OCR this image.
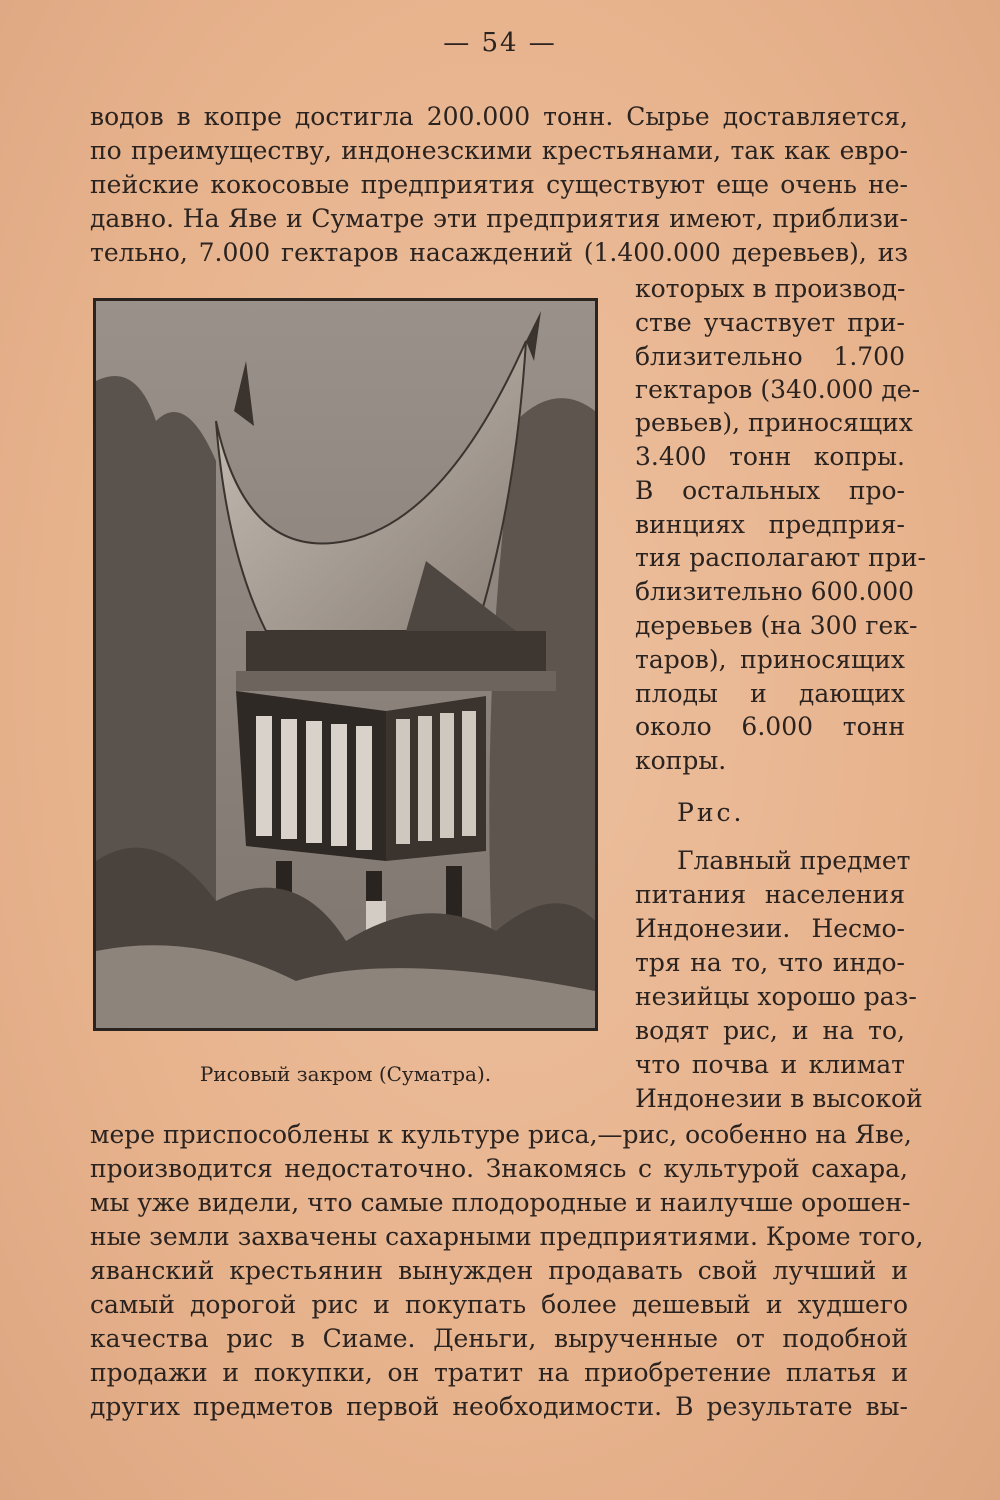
— 54 —
водов в копре достигла 200.000 тонн. Сырье доставляется,
по преимуществу, индонезскими крестьянами, так как евро-
пейские кокосовые предприятия существуют еще очень не-
давно. На Яве и Суматре эти предприятия имеют, приблизи-
тельно, 7.000 гектаров насаждений (1.400.000 деревьев), из
Рисовый закром (Суматра).
которых в производ-
стве участвует при-
близительно 1.700
гектаров (340.000 де-
ревьев), приносящих
3.400 тонн копры.
В остальных про-
винциях предприя-
тия располагают при-
близительно 600.000
деревьев (на 300 гек-
таров), приносящих
плоды и дающих
около 6.000 тонн
копры.
Рис.
Главный предмет
питания населения
Индонезии. Несмо-
тря на то, что индо-
незийцы хорошо раз-
водят рис, и на то,
что почва и климат
Индонезии в высокой
мере приспособлены к культуре риса,—рис, особенно на Яве,
производится недостаточно. Знакомясь с культурой сахара,
мы уже видели, что самые плодородные и наилучше орошен-
ные земли захвачены сахарными предприятиями. Кроме того,
яванский крестьянин вынужден продавать свой лучший и
самый дорогой рис и покупать более дешевый и худшего
качества рис в Сиаме. Деньги, вырученные от подобной
продажи и покупки, он тратит на приобретение платья и
других предметов первой необходимости. В результате вы-
